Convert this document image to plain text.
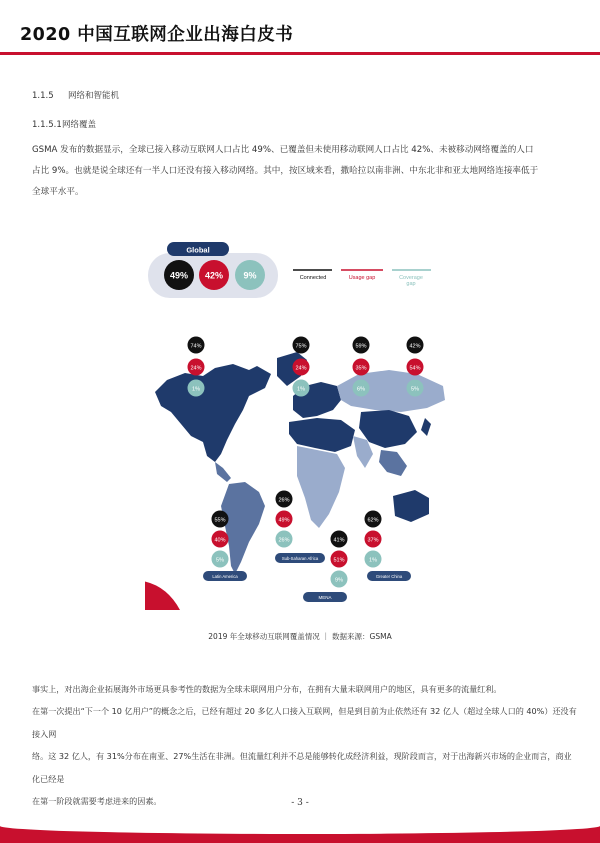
2020 中国互联网企业出海白皮书
1.1.5 网络和智能机
1.1.5.1网络覆盖
GSMA 发布的数据显示，全球已接入移动互联网人口占比 49%、已覆盖但未使用移动联网人口占比 42%、未被移动网络覆盖的人口
占比 9%。也就是说全球还有一半人口还没有接入移动网络。其中，按区域来看，撒哈拉以南非洲、中东北非和亚太地网络连接率低于
全球平水平。
Global
49% 42% 9%	Connected	Usage gap	Coverage
gap
74%
24%
1%
75%
24%
1%
59%
35%
6%
42%
54%
5%
55%
40%
5%
Latin America
26%
49%
26%
Sub-Saharan Africa
41%
51%
9%
MENA
62%
37%
1%
Greater China
2019 年全球移动互联网覆盖情况 ｜ 数据来源：GSMA
事实上，对出海企业拓展海外市场更具参考性的数据为全球未联网用户分布，在拥有大量未联网用户的地区，具有更多的流量红利。
在第一次提出“下一个 10 亿用户”的概念之后，已经有超过 20 多亿人口接入互联网，但是到目前为止依然还有 32 亿人（超过全球人口的 40%）还没有接入网
络。这 32 亿人，有 31%分布在南亚、27%生活在非洲。但流量红利并不总是能够转化成经济利益，现阶段而言，对于出海新兴市场的企业而言，商业化已经是
在第一阶段就需要考虑进来的因素。	- 3 -
